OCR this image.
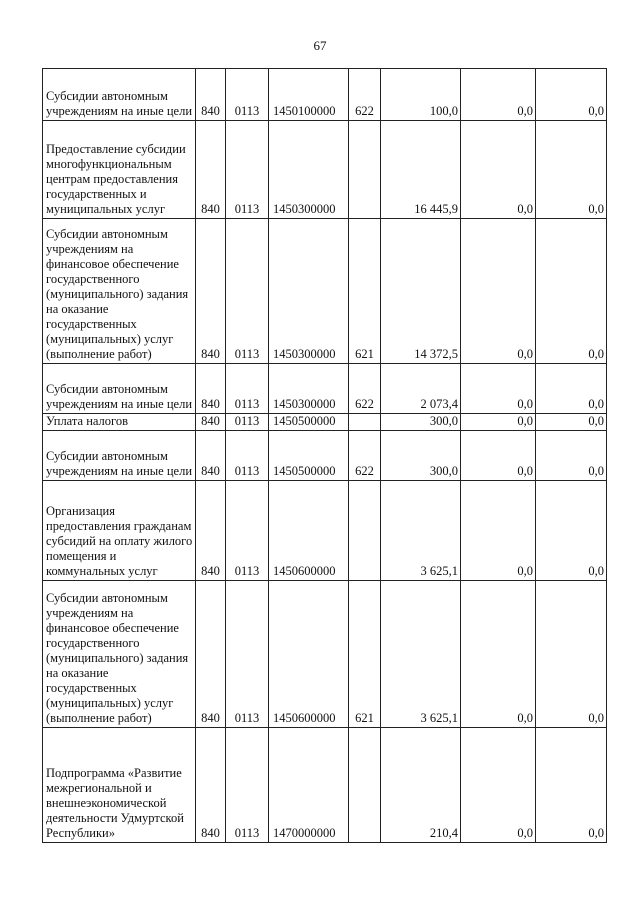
67
Субсидии автономным учреждениям на иные цели	840	0113	1450100000	622	100,0	0,0	0,0
Предоставление субсидии многофункциональным центрам предоставления государственных и муниципальных услуг	840	0113	1450300000		16 445,9	0,0	0,0
Субсидии автономным учреждениям на финансовое обеспечение государственного (муниципального) задания на оказание государственных (муниципальных) услуг (выполнение работ)	840	0113	1450300000	621	14 372,5	0,0	0,0
Субсидии автономным учреждениям на иные цели	840	0113	1450300000	622	2 073,4	0,0	0,0
Уплата налогов	840	0113	1450500000		300,0	0,0	0,0
Субсидии автономным учреждениям на иные цели	840	0113	1450500000	622	300,0	0,0	0,0
Организация предоставления гражданам субсидий на оплату жилого помещения и коммунальных услуг	840	0113	1450600000		3 625,1	0,0	0,0
Субсидии автономным учреждениям на финансовое обеспечение государственного (муниципального) задания на оказание государственных (муниципальных) услуг (выполнение работ)	840	0113	1450600000	621	3 625,1	0,0	0,0
Подпрограмма «Развитие межрегиональной и внешнеэкономической деятельности Удмуртской Республики»	840	0113	1470000000		210,4	0,0	0,0
